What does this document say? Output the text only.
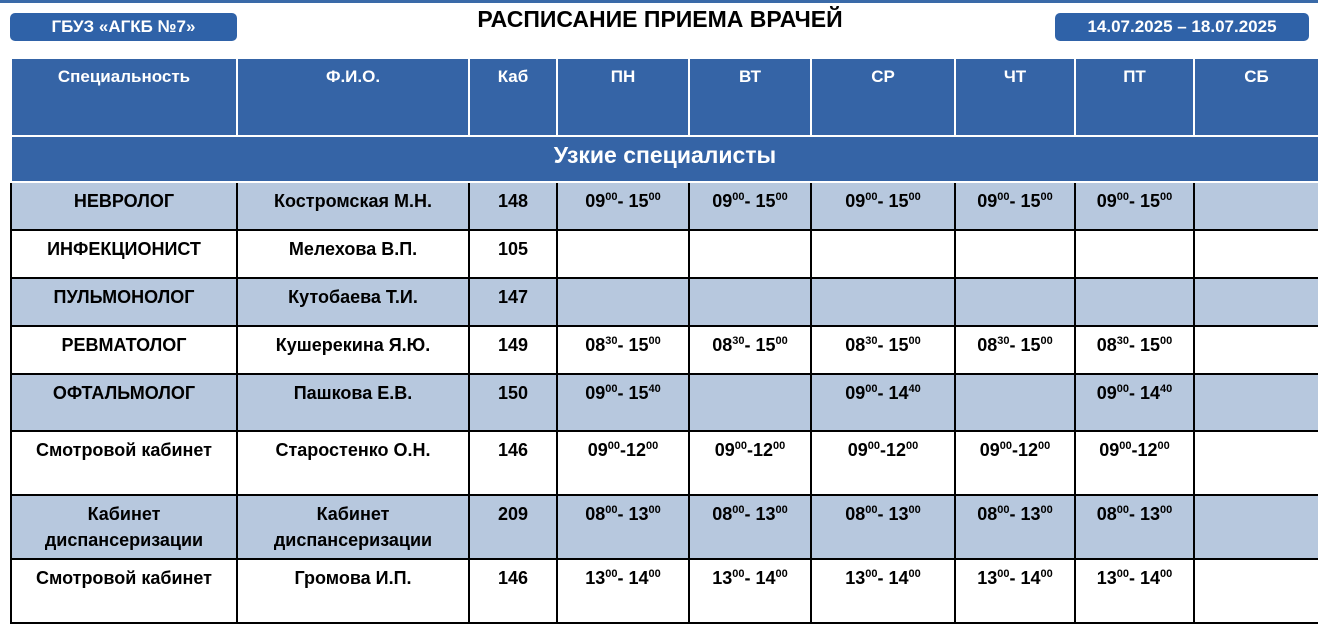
ГБУЗ «АГКБ №7»	РАСПИСАНИЕ ПРИЕМА ВРАЧЕЙ	14.07.2025 – 18.07.2025
Специальность	Ф.И.О.	Каб	ПН	ВТ	СР	ЧТ	ПТ	СБ
Узкие специалисты								
НЕВРОЛОГ	Костромская М.Н.	148	$09^{00}-$ $15^{00}$	$09^{00}-$ $15^{00}$	$09^{00}-$ $15^{00}$	$09^{00}-$ $15^{00}$	$09^{00}-$ $15^{00}$	
ИНФЕКЦИОНИСТ	Мелехова В.П.	105						
ПУЛЬМОНОЛОГ	Кутобаева Т.И.	147						
РЕВМАТОЛОГ	Кушерекина Я.Ю.	149	$08^{30}-$ $15^{00}$	$08^{30}-$ $15^{00}$	$08^{30}-$ $15^{00}$	$08^{30}-$ $15^{00}$	$08^{30}-$ $15^{00}$	
ОФТАЛЬМОЛОГ	Пашкова Е.В.	150	$09^{00}-$ $15^{40}$		$09^{00}-$ $14^{40}$		$09^{00}-$ $14^{40}$	
Смотровой кабинет	Старостенко О.Н.	146	$09^{00}-12^{00}$	$09^{00}-12^{00}$	$09^{00}-12^{00}$	$09^{00}-12^{00}$	$09^{00}-12^{00}$	
Кабинет диспансеризации	Кабинет диспансеризации	209	$08^{00}-$ $13^{00}$	$08^{00}-$ $13^{00}$	$08^{00}-$ $13^{00}$	$08^{00}-$ $13^{00}$	$08^{00}-$ $13^{00}$	
Смотровой кабинет	Громова И.П.	146	$13^{00}-$ $14^{00}$	$13^{00}-$ $14^{00}$	$13^{00}-$ $14^{00}$	$13^{00}-$ $14^{00}$	$13^{00}-$ $14^{00}$	
